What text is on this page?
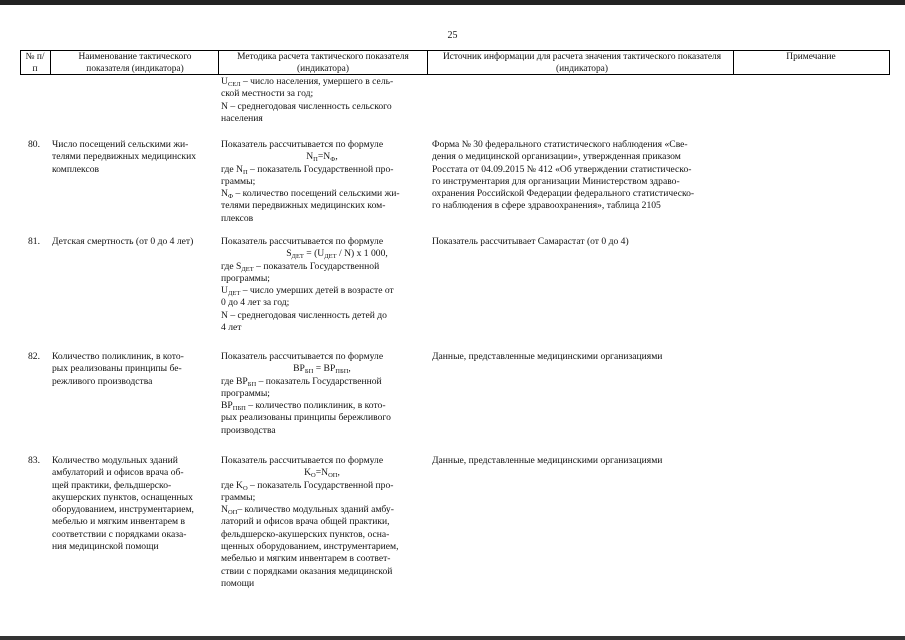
25
№ п/п
Наименование тактического показателя (индикатора)
Методика расчета тактического показателя (индикатора)
Источник информации для расчета значения тактического показателя (индикатора)
Примечание
$U_{СЕЛ}$ – число населения, умершего в сель-
ской местности за год;
N – среднегодовая численность сельского
населения
80. Число посещений сельскими жи-
телями передвижных медицинских
комплексов
Показатель рассчитывается по формуле
$N_П=N_Ф$,
где $N_П$ – показатель Государственной про-
граммы;
$N_Ф$ – количество посещений сельскими жи-
телями передвижных медицинских ком-
плексов
Форма № 30 федерального статистического наблюдения «Све-
дения о медицинской организации», утвержденная приказом
Росстата от 04.09.2015 № 412 «Об утверждении статистическо-
го инструментария для организации Министерством здраво-
охранения Российской Федерации федерального статистическо-
го наблюдения в сфере здравоохранения», таблица 2105
81. Детская смертность (от 0 до 4 лет)	Показатель рассчитывается по формуле
$S_{ДЕТ} = (U_{ДЕТ} / N)$ x 1 000,
где $S_{ДЕТ}$ – показатель Государственной
программы;
$U_{ДЕТ}$ – число умерших детей в возрасте от
0 до 4 лет за год;
N – среднегодовая численность детей до
4 лет
Показатель рассчитывает Самарастат (от 0 до 4)
82. Количество поликлиник, в кото-
рых реализованы принципы бе-
режливого производства
Показатель рассчитывается по формуле
$BP_{БП} = BP_{ПБП}$,
где $BP_{БП}$ – показатель Государственной
программы;
$BP_{ПБП}$ – количество поликлиник, в кото-
рых реализованы принципы бережливого
производства
Данные, представленные медицинскими организациями
83. Количество модульных зданий
амбулаторий и офисов врача об-
щей практики, фельдшерско-
акушерских пунктов, оснащенных
оборудованием, инструментарием,
мебелью и мягким инвентарем в
соответствии с порядками оказа-
ния медицинской помощи
Показатель рассчитывается по формуле
$K_О=N_{ОП}$,
где $K_О$ – показатель Государственной про-
граммы;
$N_{ОП}-$ количество модульных зданий амбу-
латорий и офисов врача общей практики,
фельдшерско-акушерских пунктов, осна-
щенных оборудованием, инструментарием,
мебелью и мягким инвентарем в соответ-
ствии с порядками оказания медицинской
помощи
Данные, представленные медицинскими организациями
